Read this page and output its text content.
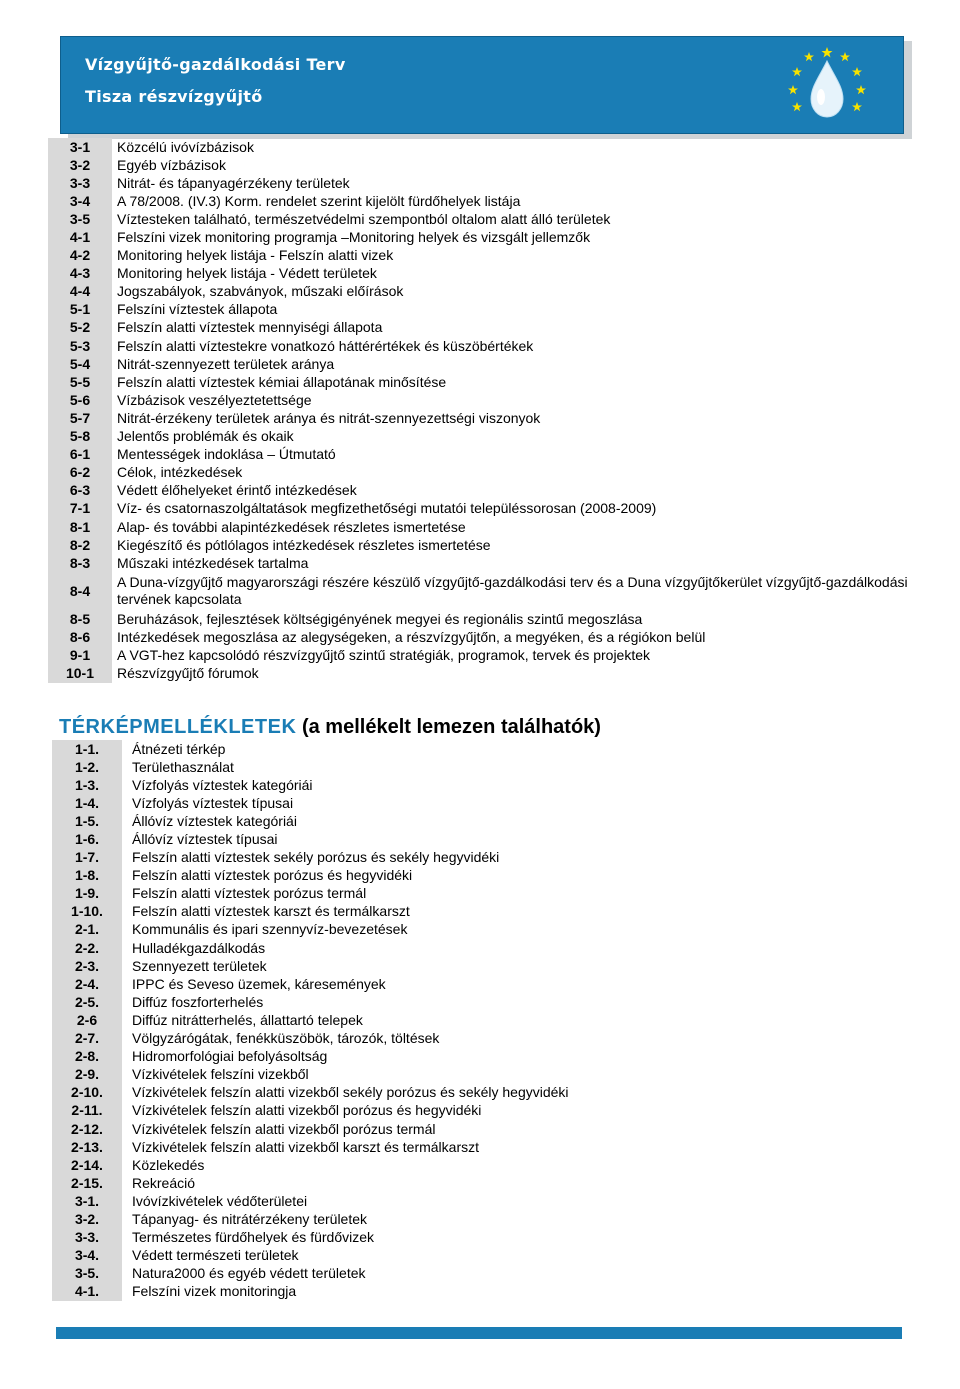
Vízgyűjtő-gazdálkodási Terv
Tisza részvízgyűjtő
3-1	Közcélú ivóvízbázisok
3-2	Egyéb vízbázisok
3-3	Nitrát- és tápanyagérzékeny területek
3-4	A 78/2008. (IV.3) Korm. rendelet szerint kijelölt fürdőhelyek listája
3-5	Víztesteken található, természetvédelmi szempontból oltalom alatt álló területek
4-1	Felszíni vizek monitoring programja –Monitoring helyek és vizsgált jellemzők
4-2	Monitoring helyek listája - Felszín alatti vizek
4-3	Monitoring helyek listája - Védett területek
4-4	Jogszabályok, szabványok, műszaki előírások
5-1	Felszíni víztestek állapota
5-2	Felszín alatti víztestek mennyiségi állapota
5-3	Felszín alatti víztestekre vonatkozó háttérértékek és küszöbértékek
5-4	Nitrát-szennyezett területek aránya
5-5	Felszín alatti víztestek kémiai állapotának minősítése
5-6	Vízbázisok veszélyeztetettsége
5-7	Nitrát-érzékeny területek aránya és nitrát-szennyezettségi viszonyok
5-8	Jelentős problémák és okaik
6-1	Mentességek indoklása – Útmutató
6-2	Célok, intézkedések
6-3	Védett élőhelyeket érintő intézkedések
7-1	Víz- és csatornaszolgáltatások megfizethetőségi mutatói településsorosan (2008-2009)
8-1	Alap- és további alapintézkedések részletes ismertetése
8-2	Kiegészítő és pótlólagos intézkedések részletes ismertetése
8-3	Műszaki intézkedések tartalma
8-4	A Duna-vízgyűjtő magyarországi részére készülő vízgyűjtő-gazdálkodási terv és a Duna vízgyűjtőkerület vízgyűjtő-gazdálkodási tervének kapcsolata
8-5	Beruházások, fejlesztések költségigényének megyei és regionális szintű megoszlása
8-6	Intézkedések megoszlása az alegységeken, a részvízgyűjtőn, a megyéken, és a régiókon belül
9-1	A VGT-hez kapcsolódó részvízgyűjtő szintű stratégiák, programok, tervek és projektek
10-1	Részvízgyűjtő fórumok
TÉRKÉPMELLÉKLETEK (a mellékelt lemezen találhatók)
1-1.	Átnézeti térkép
1-2.	Területhasználat
1-3.	Vízfolyás víztestek kategóriái
1-4.	Vízfolyás víztestek típusai
1-5.	Állóvíz víztestek kategóriái
1-6.	Állóvíz víztestek típusai
1-7.	Felszín alatti víztestek sekély porózus és sekély hegyvidéki
1-8.	Felszín alatti víztestek porózus és hegyvidéki
1-9.	Felszín alatti víztestek porózus termál
1-10.	Felszín alatti víztestek karszt és termálkarszt
2-1.	Kommunális és ipari szennyvíz-bevezetések
2-2.	Hulladékgazdálkodás
2-3.	Szennyezett területek
2-4.	IPPC és Seveso üzemek, káresemények
2-5.	Diffúz foszforterhelés
2-6	Diffúz nitrátterhelés, állattartó telepek
2-7.	Völgyzárógátak, fenékküszöbök, tározók, töltések
2-8.	Hidromorfológiai befolyásoltság
2-9.	Vízkivételek felszíni vizekből
2-10.	Vízkivételek felszín alatti vizekből sekély porózus és sekély hegyvidéki
2-11.	Vízkivételek felszín alatti vizekből porózus és hegyvidéki
2-12.	Vízkivételek felszín alatti vizekből porózus termál
2-13.	Vízkivételek felszín alatti vizekből karszt és termálkarszt
2-14.	Közlekedés
2-15.	Rekreáció
3-1.	Ivóvízkivételek védőterületei
3-2.	Tápanyag- és nitrátérzékeny területek
3-3.	Természetes fürdőhelyek és fürdővizek
3-4.	Védett természeti területek
3-5.	Natura2000 és egyéb védett területek
4-1.	Felszíni vizek monitoringja
